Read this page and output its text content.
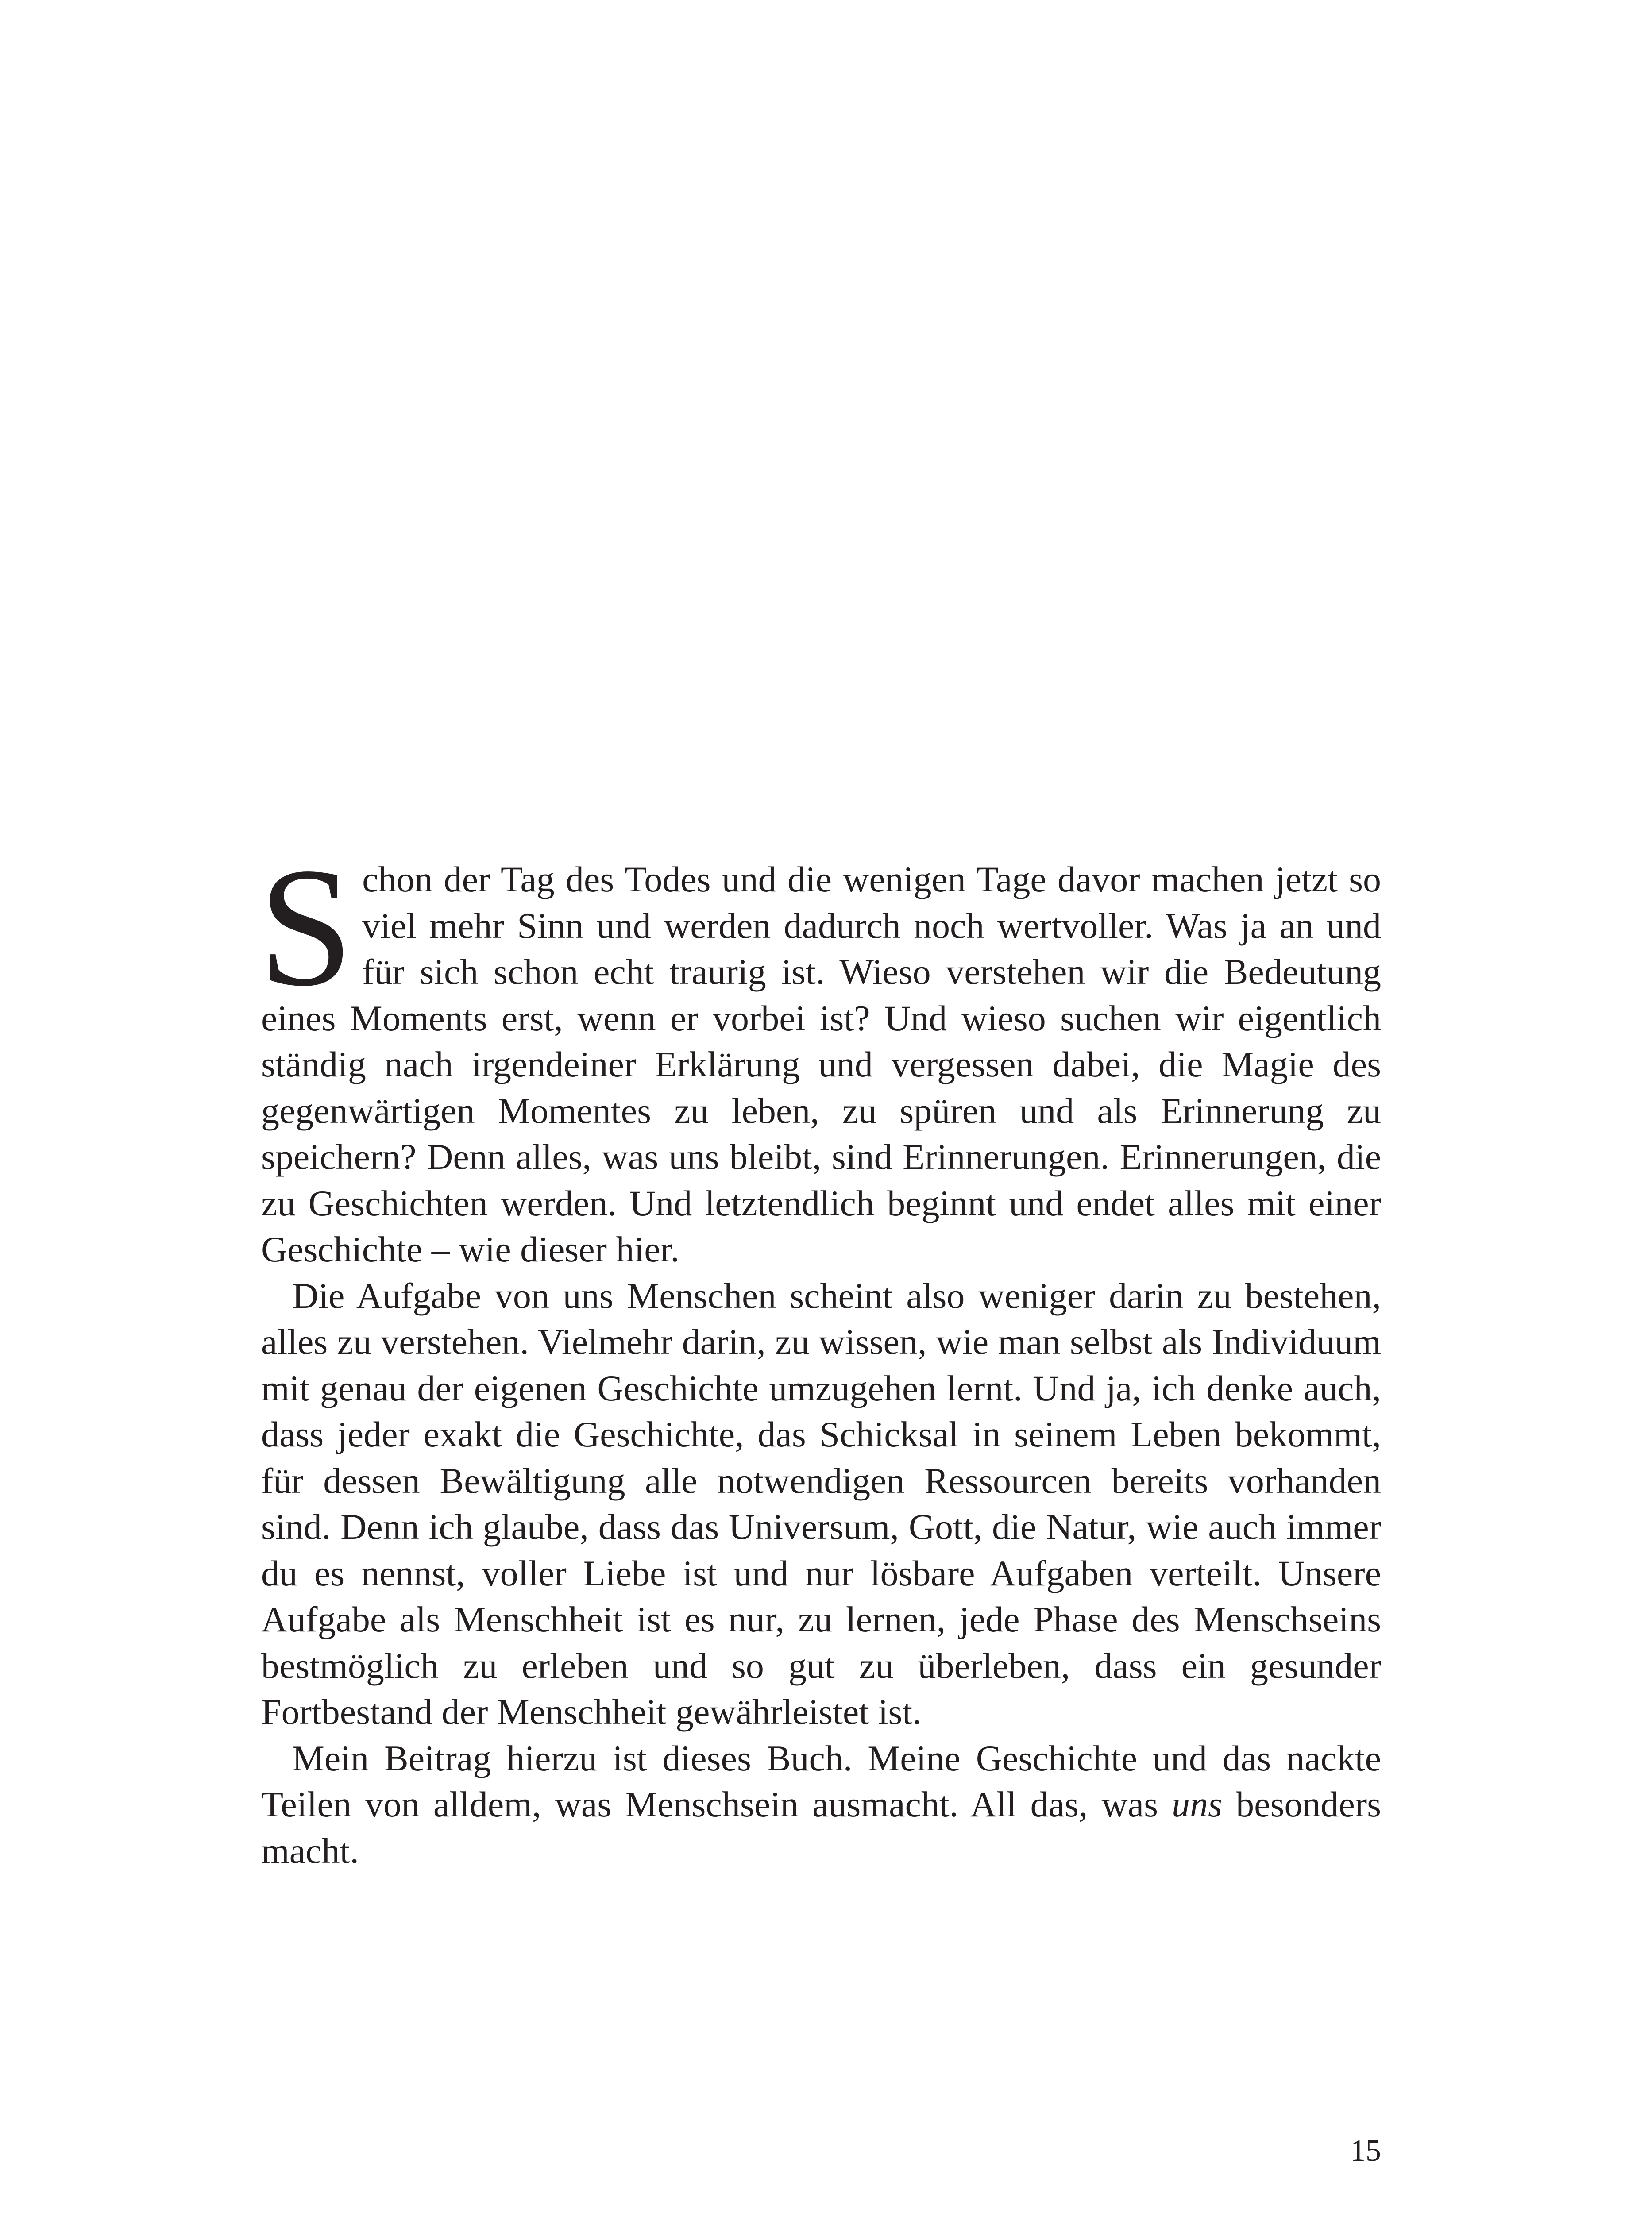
Schon der Tag des Todes und die wenigen Tage davor machen jetzt so viel mehr Sinn und werden dadurch noch wertvoller. Was ja an und für sich schon echt traurig ist. Wieso verstehen wir die Bedeutung eines Moments erst, wenn er vorbei ist? Und wieso suchen wir eigentlich ständig nach irgendeiner Erklärung und vergessen dabei, die Magie des gegenwärtigen Momentes zu leben, zu spüren und als Erinnerung zu speichern? Denn alles, was uns bleibt, sind Erinnerungen. Erinnerungen, die zu Geschichten werden. Und letztendlich beginnt und endet alles mit einer Geschichte – wie dieser hier.

Die Aufgabe von uns Menschen scheint also weniger darin zu bestehen, alles zu verstehen. Vielmehr darin, zu wissen, wie man selbst als Individuum mit genau der eigenen Geschichte umzugehen lernt. Und ja, ich denke auch, dass jeder exakt die Geschichte, das Schicksal in seinem Leben bekommt, für dessen Bewältigung alle notwendigen Ressourcen bereits vorhanden sind. Denn ich glaube, dass das Universum, Gott, die Natur, wie auch immer du es nennst, voller Liebe ist und nur lösbare Aufgaben verteilt. Unsere Aufgabe als Menschheit ist es nur, zu lernen, jede Phase des Menschseins bestmöglich zu erleben und so gut zu überleben, dass ein gesunder Fortbestand der Menschheit gewährleistet ist.

Mein Beitrag hierzu ist dieses Buch. Meine Geschichte und das nackte Teilen von alldem, was Menschsein ausmacht. All das, was uns besonders macht.

15
